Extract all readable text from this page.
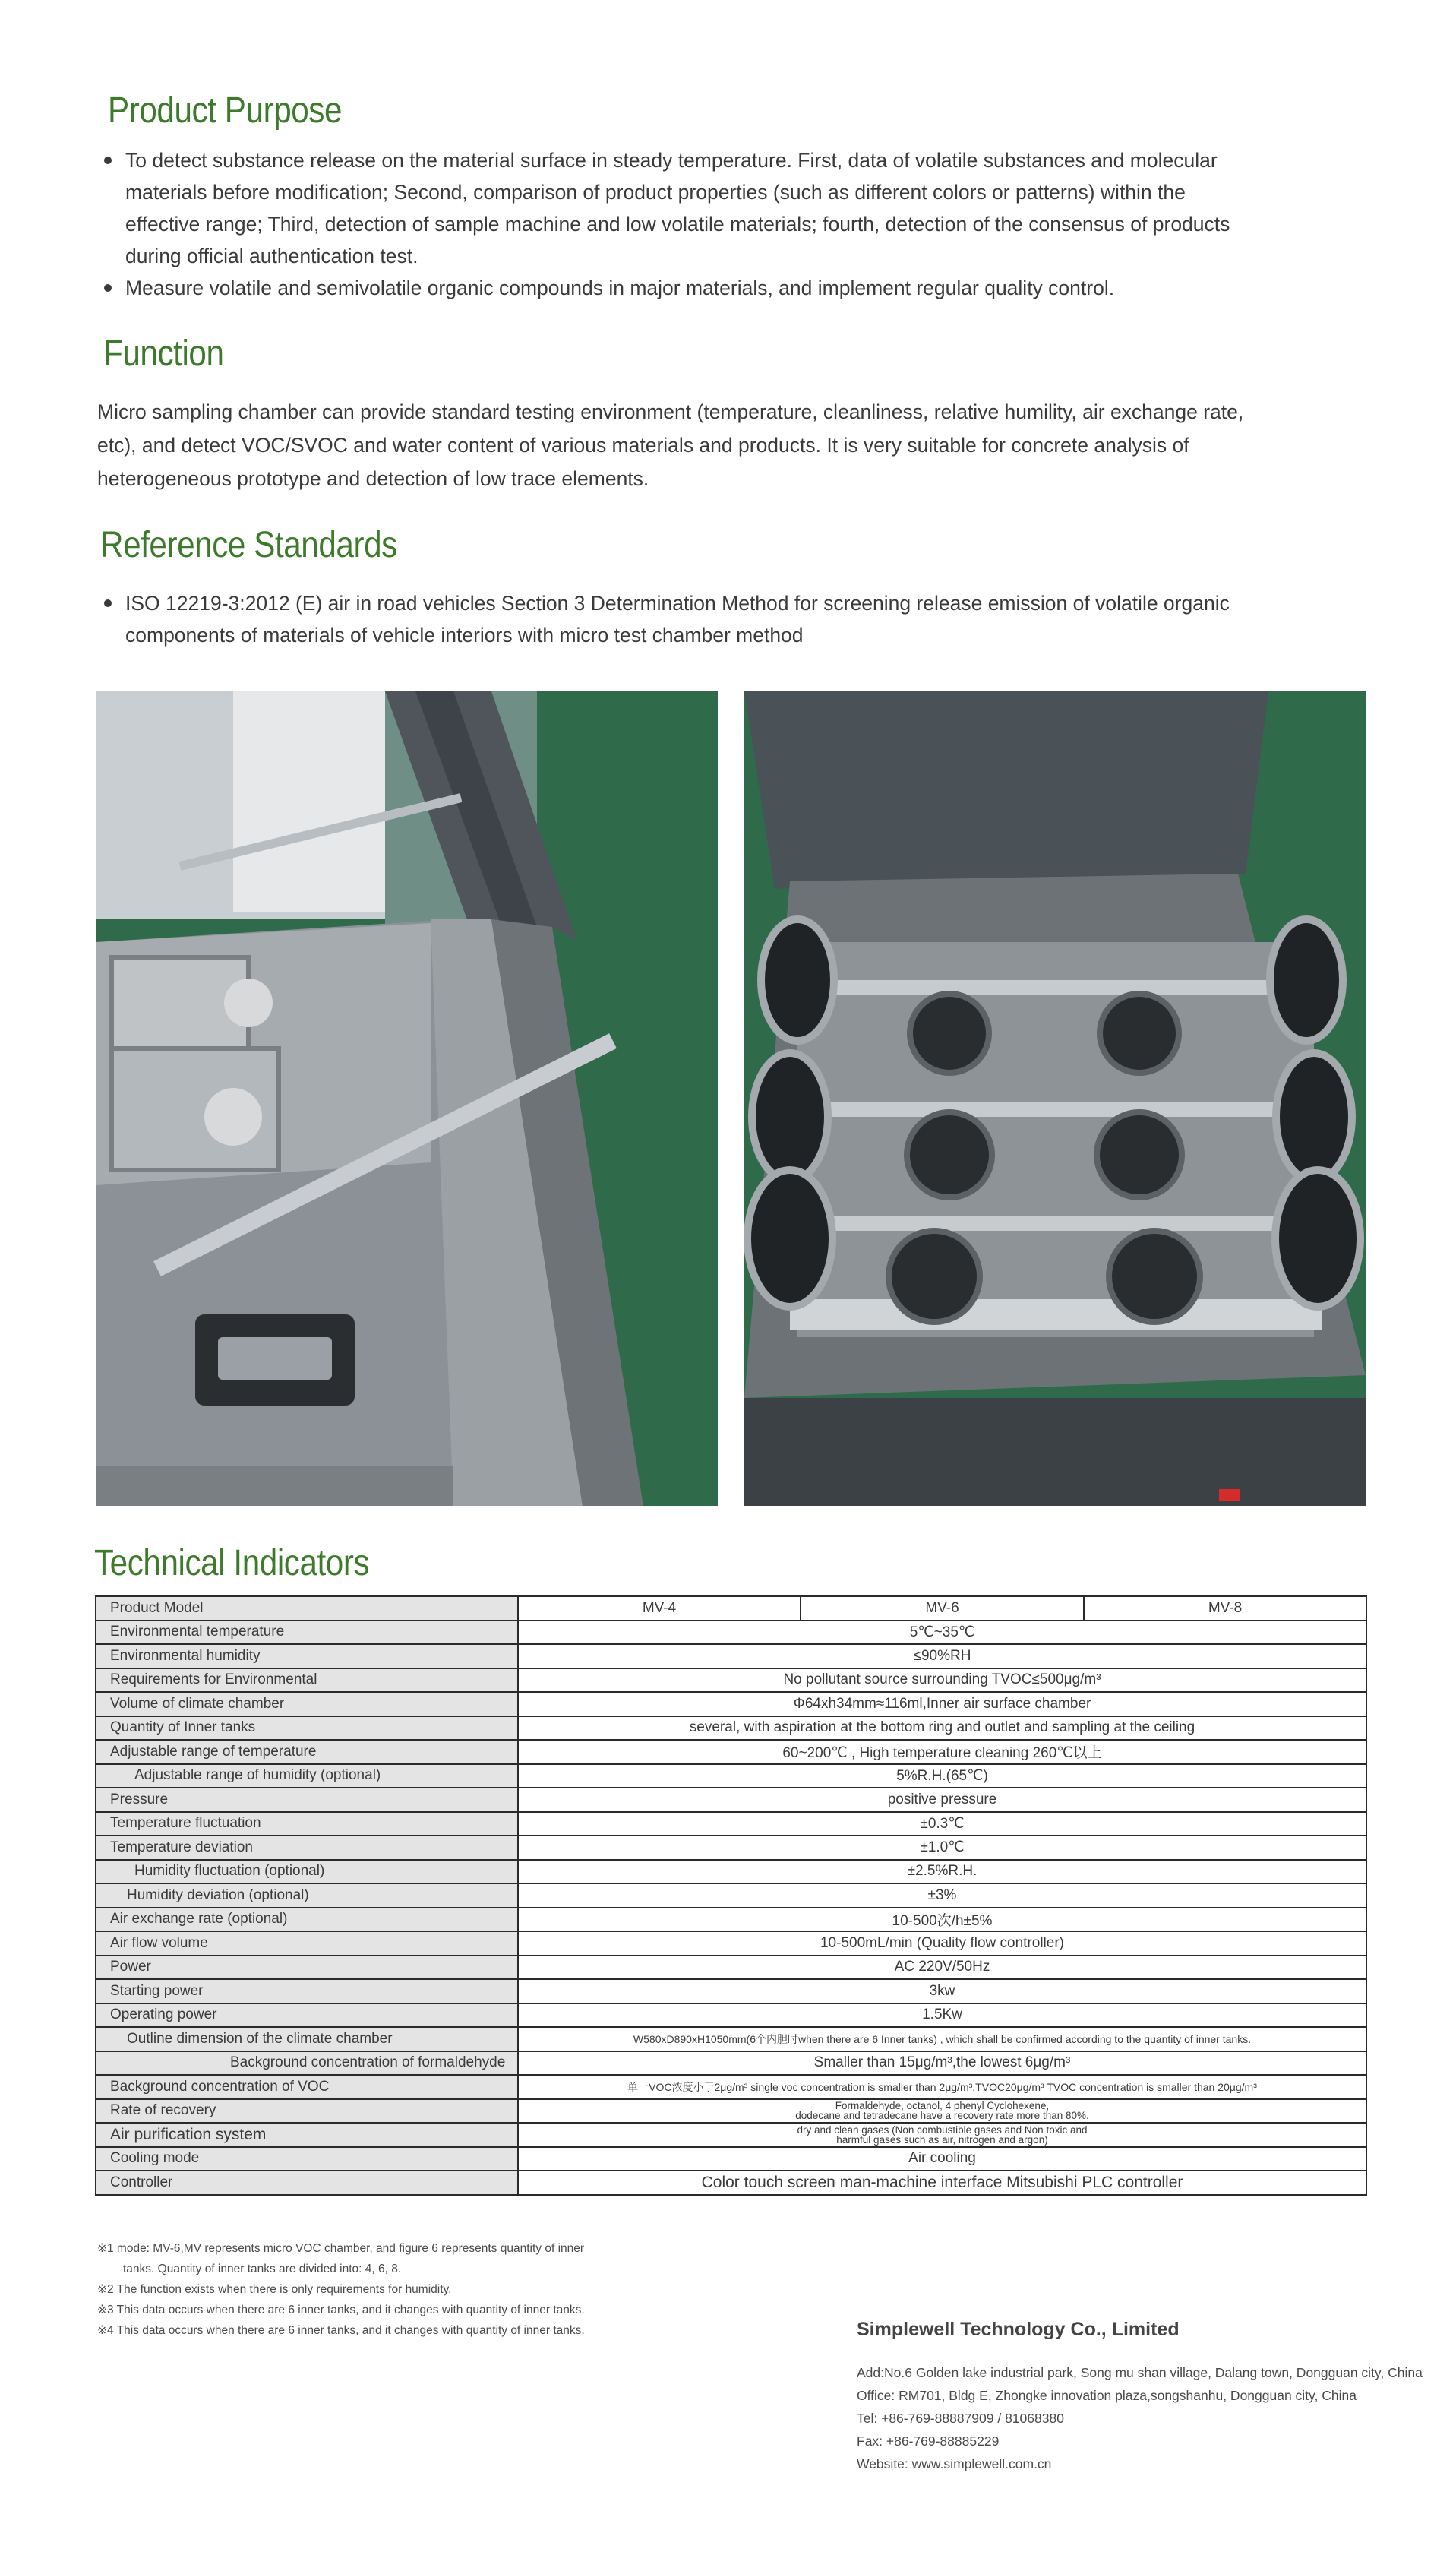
Product Purpose
To detect substance release on the material surface in steady temperature. First, data of volatile substances and molecular materials before modification; Second, comparison of product properties (such as different colors or patterns) within the effective range; Third, detection of sample machine and low volatile materials; fourth, detection of the consensus of products during official authentication test.
Measure volatile and semivolatile organic compounds in major materials, and implement regular quality control.
Function

Micro sampling chamber can provide standard testing environment (temperature, cleanliness, relative humility, air exchange rate, etc), and detect VOC/SVOC and water content of various materials and products. It is very suitable for concrete analysis of heterogeneous prototype and detection of low trace elements.

Reference Standards
ISO 12219-3:2012 (E) air in road vehicles Section 3 Determination Method for screening release emission of volatile organic components of materials of vehicle interiors with micro test chamber method
Technical Indicators
Product Model	MV-4	MV-6	MV-8
Environmental temperature	5℃~35℃		
Environmental humidity	≤90%RH		
Requirements for Environmental	No pollutant source surrounding TVOC≤500μg/m³		
Volume of climate chamber	Φ64xh34mm≈116ml,Inner air surface chamber		
Quantity of Inner tanks	several, with aspiration at the bottom ring and outlet and sampling at the ceiling		
Adjustable range of temperature	60~200℃ , High temperature cleaning 260℃以上		
Adjustable range of humidity (optional)	5%R.H.(65℃)		
Pressure	positive pressure		
Temperature fluctuation	±0.3℃		
Temperature deviation	±1.0℃		
Humidity fluctuation (optional)	±2.5%R.H.		
Humidity deviation (optional)	±3%		
Air exchange rate (optional)	10-500次/h±5%		
Air flow volume	10-500mL/min (Quality flow controller)		
Power	AC 220V/50Hz		
Starting power	3kw		
Operating power	1.5Kw		
Outline dimension of the climate chamber	W580xD890xH1050mm(6个内胆时when there are 6 Inner tanks) , which shall be confirmed according to the quantity of inner tanks.		
Background concentration of formaldehyde	Smaller than 15μg/m³,the lowest 6μg/m³		
Background concentration of VOC	单一VOC浓度小于2μg/m³ single voc concentration is smaller than 2μg/m³,TVOC20μg/m³ TVOC concentration is smaller than 20μg/m³		
Rate of recovery	Formaldehyde, octanol, 4 phenyl Cyclohexene,
dodecane and tetradecane have a recovery rate more than 80%.		

Air purification system	dry and clean gases (Non combustible gases and Non toxic and
harmful gases such as air, nitrogen and argon)		

Cooling mode	Air cooling		
Controller	Color touch screen man-machine interface Mitsubishi PLC controller		
※1 mode: MV-6,MV represents micro VOC chamber, and figure 6 represents quantity of inner
tanks. Quantity of inner tanks are divided into: 4, 6, 8.
※2 The function exists when there is only requirements for humidity.
※3 This data occurs when there are 6 inner tanks, and it changes with quantity of inner tanks.
※4 This data occurs when there are 6 inner tanks, and it changes with quantity of inner tanks.	Simplewell Technology Co., Limited

Add:No.6 Golden lake industrial park, Song mu shan village, Dalang town, Dongguan city, China
Office: RM701, Bldg E, Zhongke innovation plaza,songshanhu, Dongguan city, China
Tel: +86-769-88887909 / 81068380
Fax: +86-769-88885229
Website: www.simplewell.com.cn
